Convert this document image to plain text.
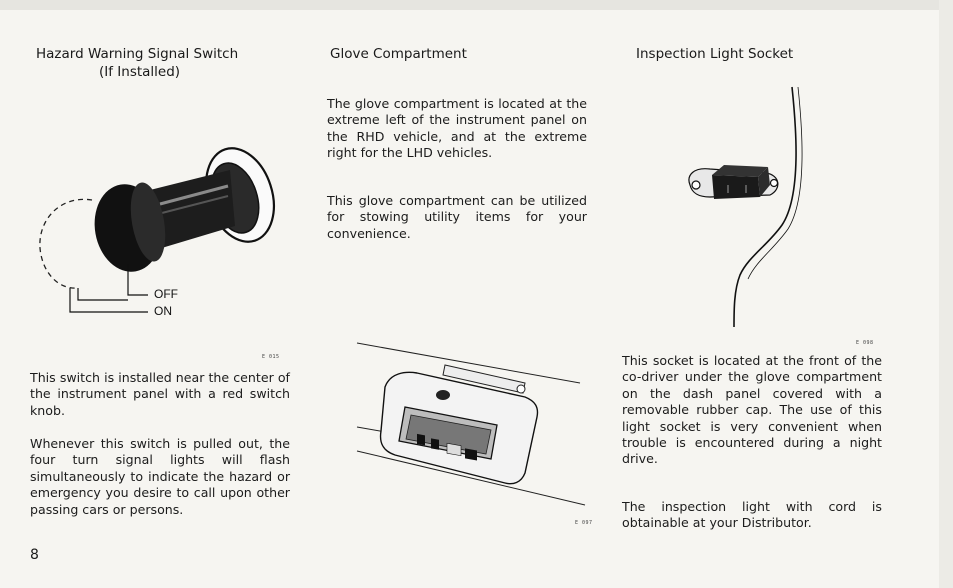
Hazard Warning Signal Switch
(If Installed)
OFF
ON
E 015

This switch is installed near the center of the instrument panel with a red switch knob.

Whenever this switch is pulled out, the four turn signal lights will flash simultaneously to indicate the hazard or emergency you desire to call upon other passing cars or persons.

8
Glove Compartment

The glove compartment is located at the extreme left of the instrument panel on the RHD vehicle, and at the extreme right for the LHD vehicles.

This glove compartment can be utilized for stowing utility items for your convenience.

E 097
Inspection Light Socket
E 098

This socket is located at the front of the co-driver under the glove compartment on the dash panel covered with a removable rubber cap. The use of this light socket is very convenient when trouble is encountered during a night drive.

The inspection light with cord is obtainable at your Distributor.
